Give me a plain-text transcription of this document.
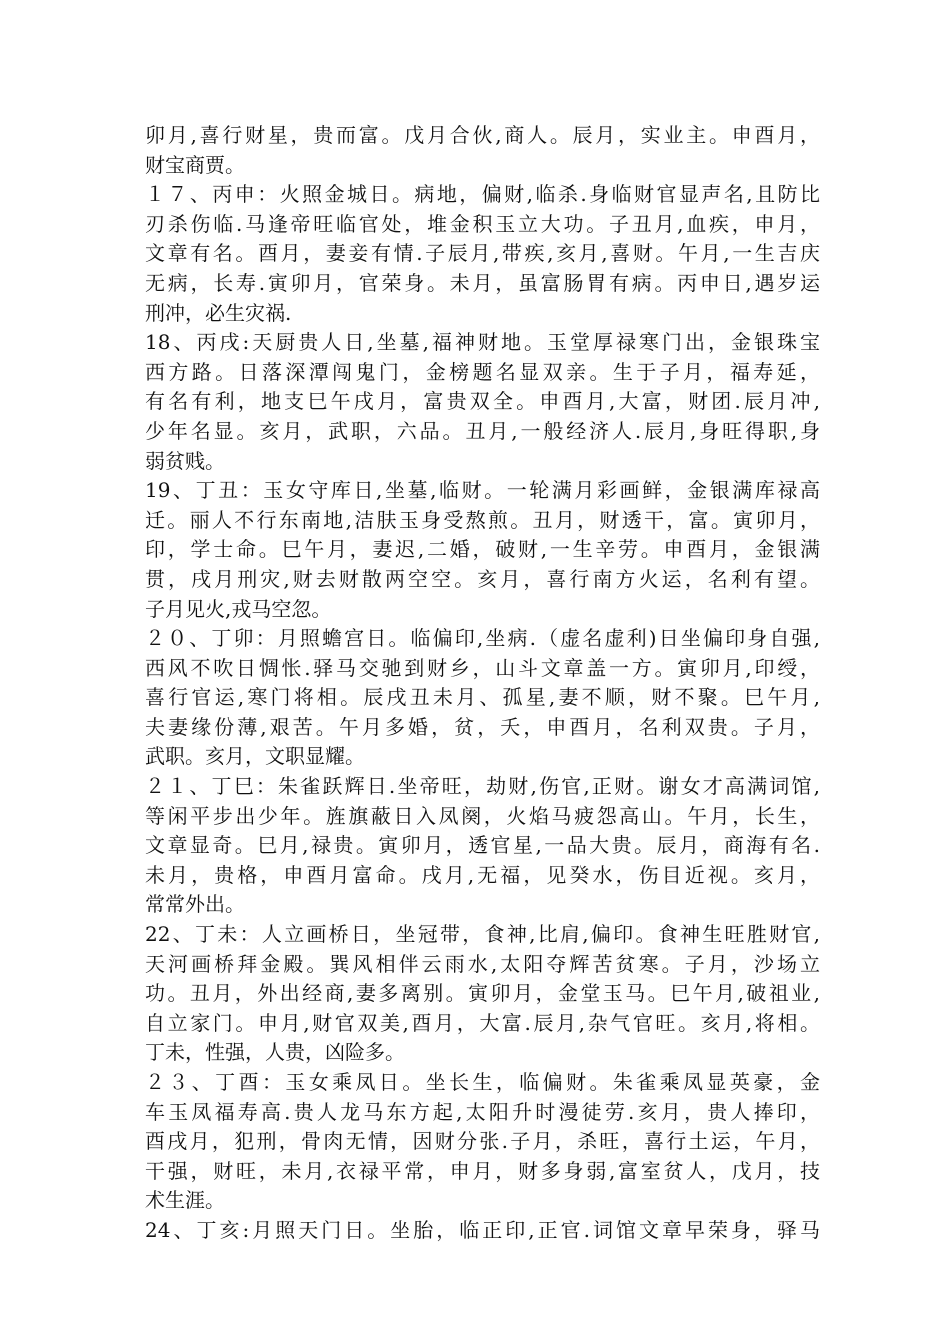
卯月,喜行财星，贵而富。戊月合伙,商人。辰月，实业主。申酉月，
财宝商贾。
１７、丙申：火照金城日。病地，偏财,临杀.身临财官显声名,且防比
刃杀伤临.马逢帝旺临官处，堆金积玉立大功。子丑月,血疾，申月，
文章有名。酉月，妻妾有情.子辰月,带疾,亥月,喜财。午月,一生吉庆
无病，长寿.寅卯月，官荣身。未月，虽富肠胃有病。丙申日,遇岁运
刑冲，必生灾祸.
18、丙戌:天厨贵人日,坐墓,福神财地。玉堂厚禄寒门出，金银珠宝
西方路。日落深潭闯鬼门，金榜题名显双亲。生于子月，福寿延，
有名有利，地支巳午戌月，富贵双全。申酉月,大富，财团.辰月冲,
少年名显。亥月，武职，六品。丑月,一般经济人.辰月,身旺得职,身
弱贫贱。
19、丁丑：玉女守库日,坐墓,临财。一轮满月彩画鲜，金银满库禄高
迁。丽人不行东南地,洁肤玉身受熬煎。丑月，财透干，富。寅卯月，
印，学士命。巳午月，妻迟,二婚，破财,一生辛劳。申酉月，金银满
贯，戌月刑灾,财去财散两空空。亥月，喜行南方火运，名利有望。
子月见火,戎马空忽。
２０、丁卯：月照蟾宫日。临偏印,坐病.（虚名虚利)日坐偏印身自强,
西风不吹日惆怅.驿马交驰到财乡，山斗文章盖一方。寅卯月,印绶，
喜行官运,寒门将相。辰戌丑未月、孤星,妻不顺，财不聚。巳午月,
夫妻缘份薄,艰苦。午月多婚，贫，夭，申酉月，名利双贵。子月，
武职。亥月，文职显耀。
２１、丁巳：朱雀跃辉日.坐帝旺，劫财,伤官,正财。谢女才高满词馆,
等闲平步出少年。旌旗蔽日入凤阕，火焰马疲怨高山。午月，长生，
文章显奇。巳月,禄贵。寅卯月，透官星,一品大贵。辰月，商海有名.
未月，贵格，申酉月富命。戌月,无福，见癸水，伤目近视。亥月，
常常外出。
22、丁未：人立画桥日，坐冠带，食神,比肩,偏印。食神生旺胜财官,
天河画桥拜金殿。巽风相伴云雨水,太阳夺辉苦贫寒。子月，沙场立
功。丑月，外出经商,妻多离别。寅卯月，金堂玉马。巳午月,破祖业,
自立家门。申月,财官双美,酉月，大富.辰月,杂气官旺。亥月,将相。
丁未，性强，人贵，凶险多。
２３、丁酉：玉女乘凤日。坐长生，临偏财。朱雀乘凤显英豪，金
车玉凤福寿高.贵人龙马东方起,太阳升时漫徒劳.亥月，贵人捧印，
酉戌月，犯刑，骨肉无情，因财分张.子月，杀旺，喜行土运，午月，
干强，财旺，未月,衣禄平常，申月，财多身弱,富室贫人，戊月，技
术生涯。
24、丁亥:月照天门日。坐胎，临正印,正官.词馆文章早荣身，驿马
